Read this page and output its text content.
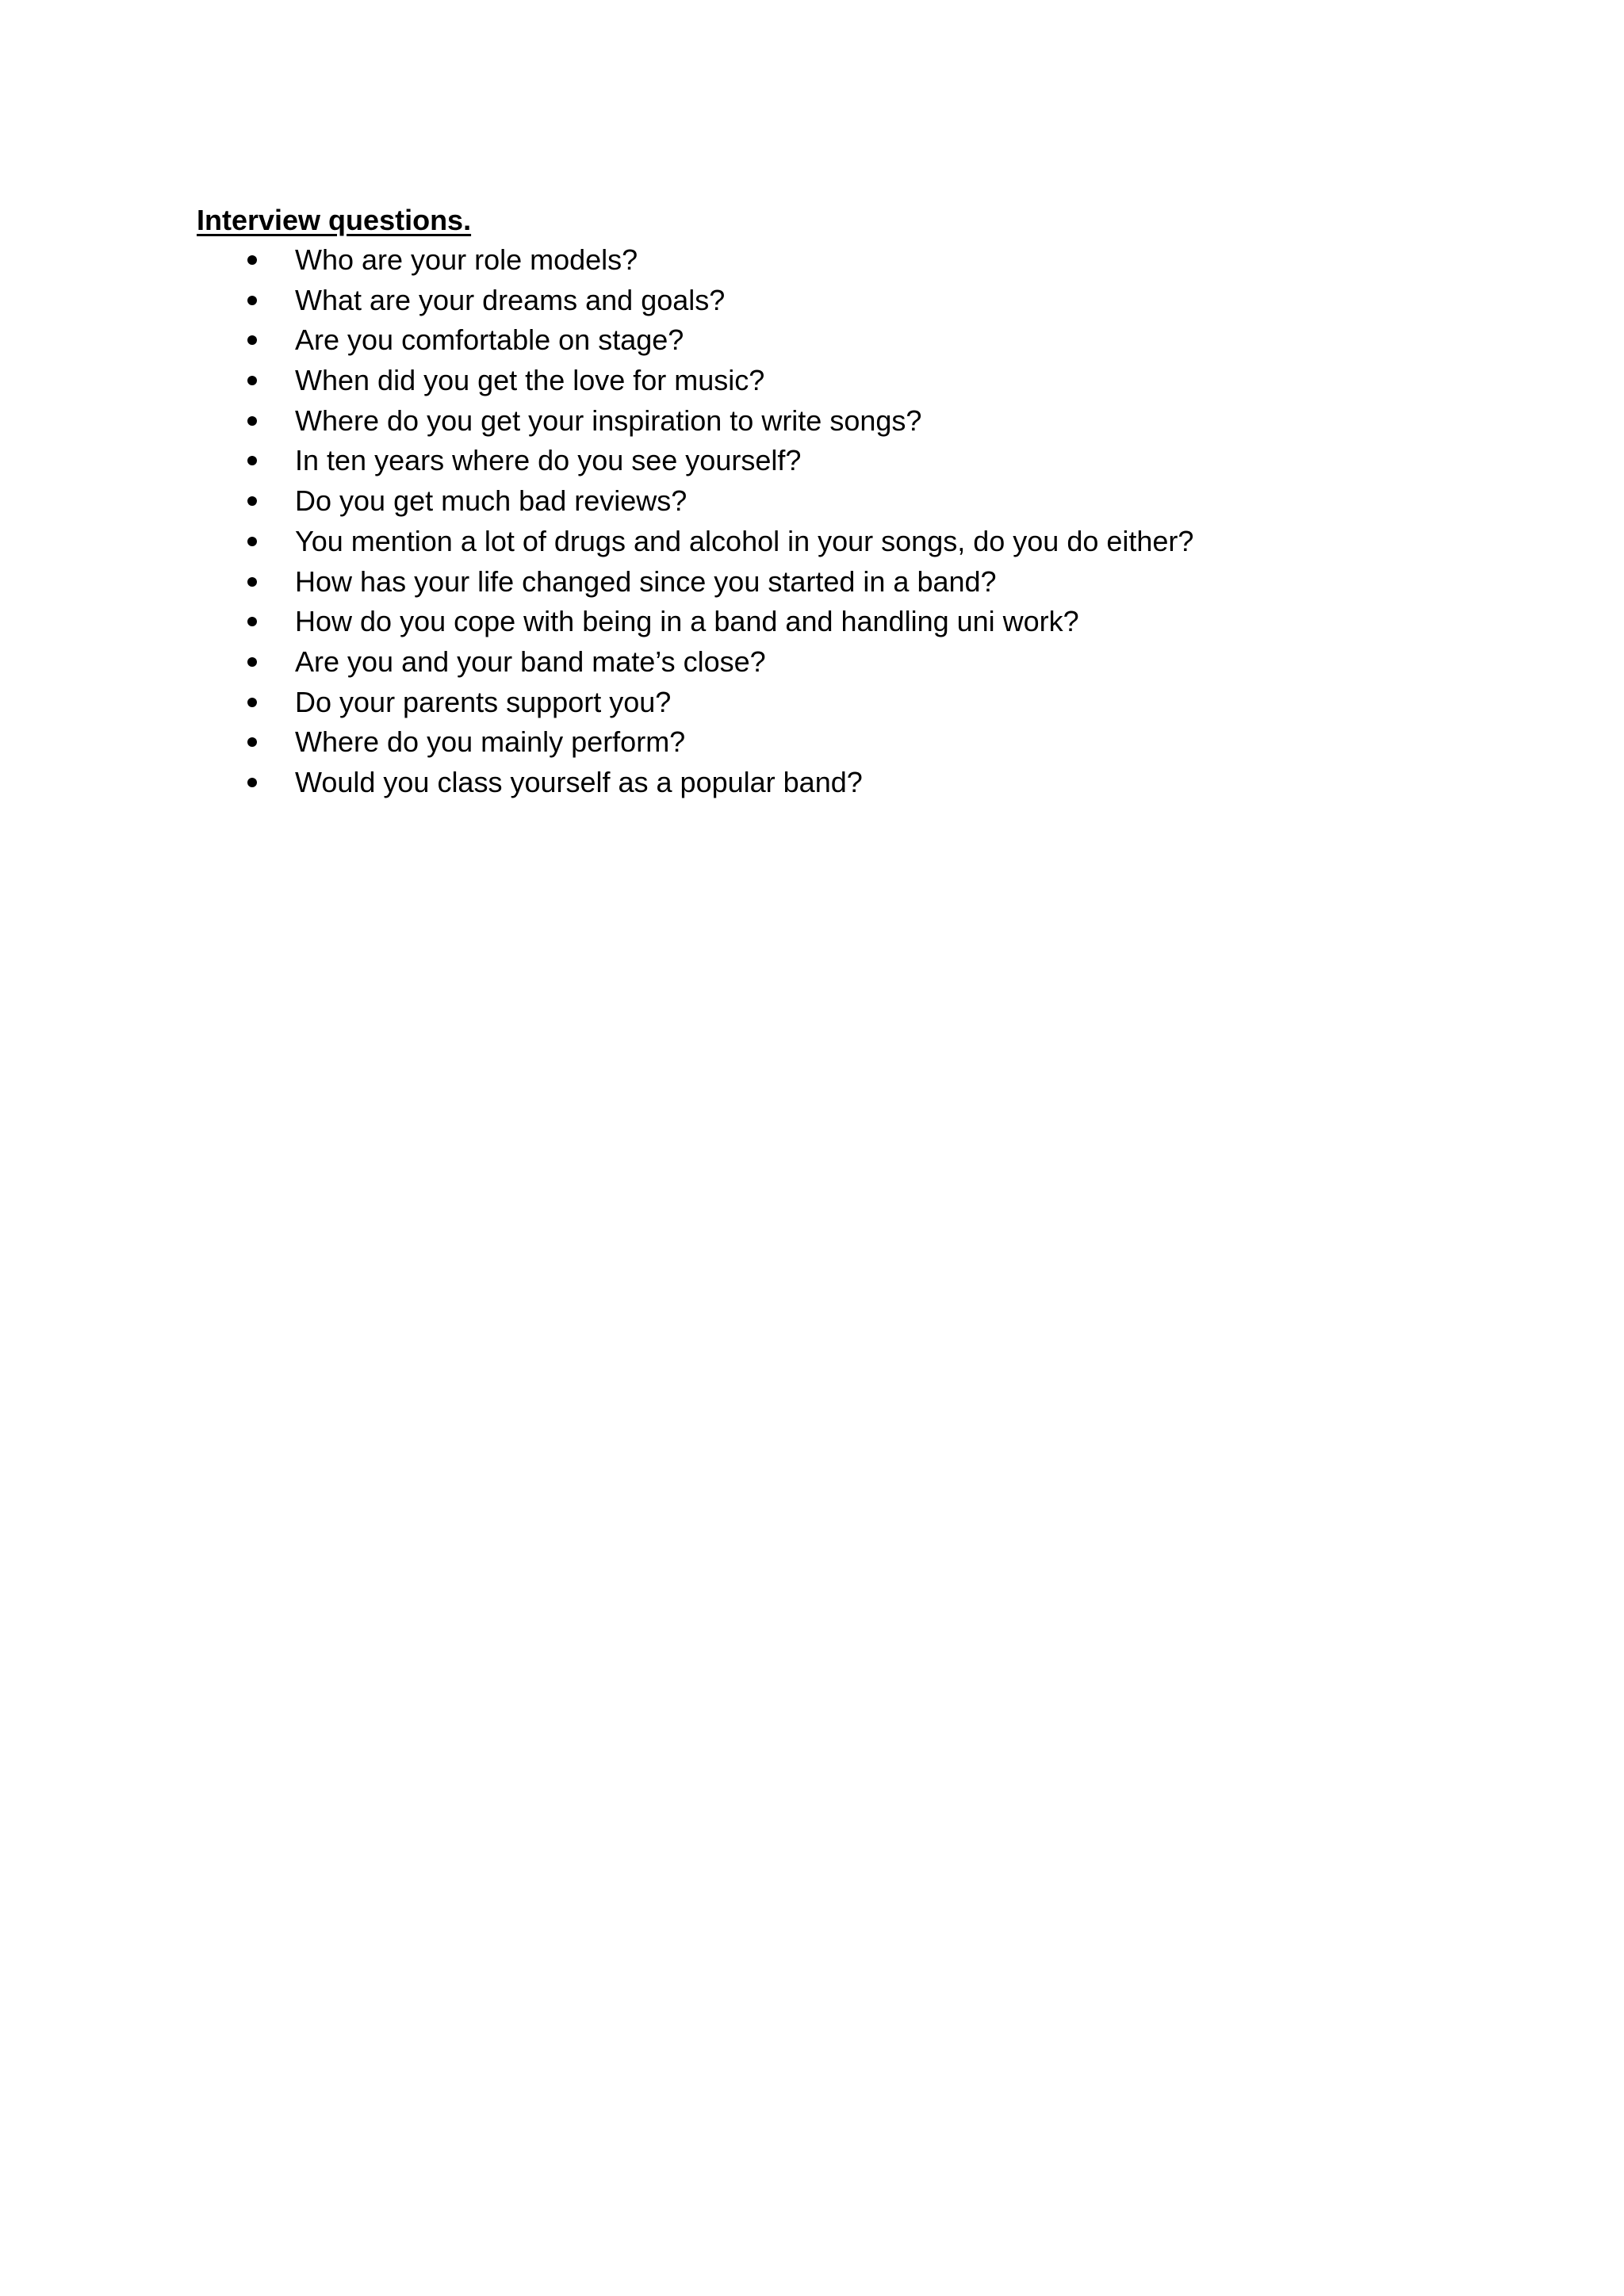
Interview questions.
Who are your role models?
What are your dreams and goals?
Are you comfortable on stage?
When did you get the love for music?
Where do you get your inspiration to write songs?
In ten years where do you see yourself?
Do you get much bad reviews?
You mention a lot of drugs and alcohol in your songs, do you do either?
How has your life changed since you started in a band?
How do you cope with being in a band and handling uni work?
Are you and your band mate’s close?
Do your parents support you?
Where do you mainly perform?
Would you class yourself as a popular band?
